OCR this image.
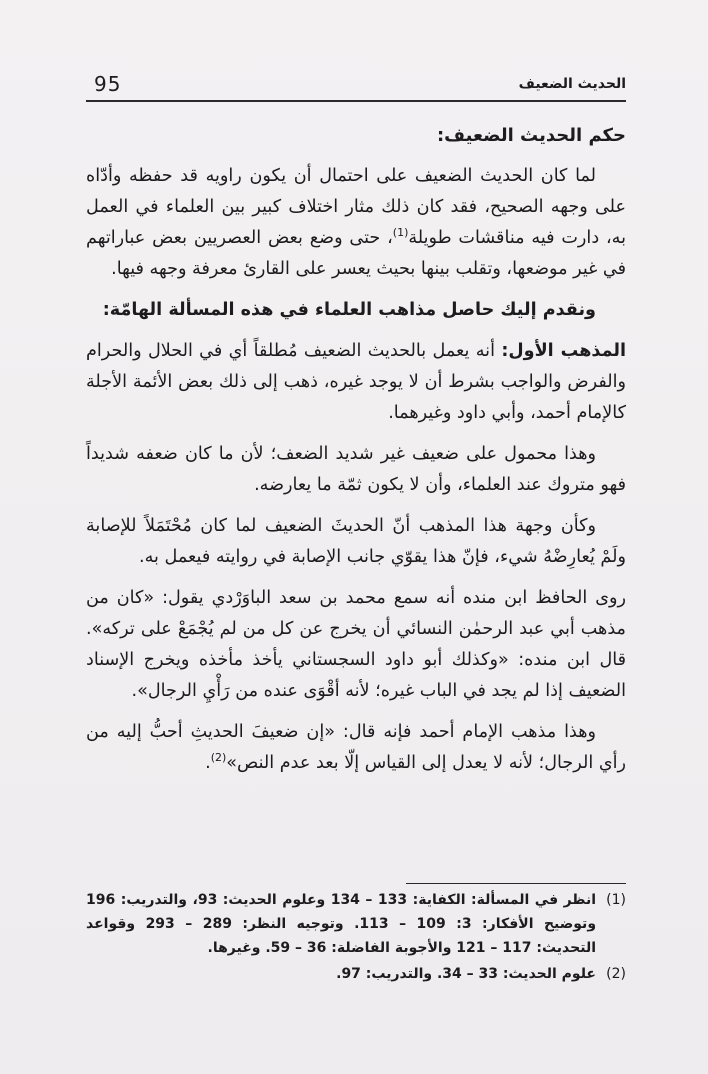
95	الحديث الضعيف

حكم الحديث الضعيف:

لما كان الحديث الضعيف على احتمال أن يكون راويه قد حفظه وأدّاه على وجهه الصحيح، فقد كان ذلك مثار اختلاف كبير بين العلماء في العمل به، دارت فيه مناقشات طويلة$^{(1)}$، حتى وضع بعض العصريين بعض عباراتهم في غير موضعها، وتقلب بينها بحيث يعسر على القارئ معرفة وجهه فيها.

ونقدم إليك حاصل مذاهب العلماء في هذه المسألة الهامّة:

المذهب الأول: أنه يعمل بالحديث الضعيف مُطلقاً أي في الحلال والحرام والفرض والواجب بشرط أن لا يوجد غيره، ذهب إلى ذلك بعض الأئمة الأجلة كالإمام أحمد، وأبي داود وغيرهما.

وهذا محمول على ضعيف غير شديد الضعف؛ لأن ما كان ضعفه شديداً فهو متروك عند العلماء، وأن لا يكون ثمّة ما يعارضه.

وكأن وجهة هذا المذهب أنّ الحديثَ الضعيف لما كان مُحْتَمَلاً للإصابة ولَمْ يُعارِضْهُ شيء، فإنّ هذا يقوّي جانب الإصابة في روايته فيعمل به.

روى الحافظ ابن منده أنه سمع محمد بن سعد الباوَرْدي يقول: «كان من مذهب أبي عبد الرحمٰن النسائي أن يخرج عن كل من لم يُجْمَعْ على تركه». قال ابن منده: «وكذلك أبو داود السجستاني يأخذ مأخذه ويخرج الإسناد الضعيف إذا لم يجد في الباب غيره؛ لأنه أقْوَى عنده من رَأْيِ الرجال».

وهذا مذهب الإمام أحمد فإنه قال: «إن ضعيفَ الحديثِ أحبُّ إليه من رأي الرجال؛ لأنه لا يعدل إلى القياس إلّا بعد عدم النص»$^{(2)}$.

(1)
انظر في المسألة: الكفاية: 133 – 134 وعلوم الحديث: 93، والتدريب: 196 وتوضيح الأفكار: 3: 109 – 113. وتوجيه النظر: 289 – 293 وقواعد التحديث: 117 – 121 والأجوبة الفاضلة: 36 – 59. وغيرها.
(2)
علوم الحديث: 33 – 34. والتدريب: 97.
